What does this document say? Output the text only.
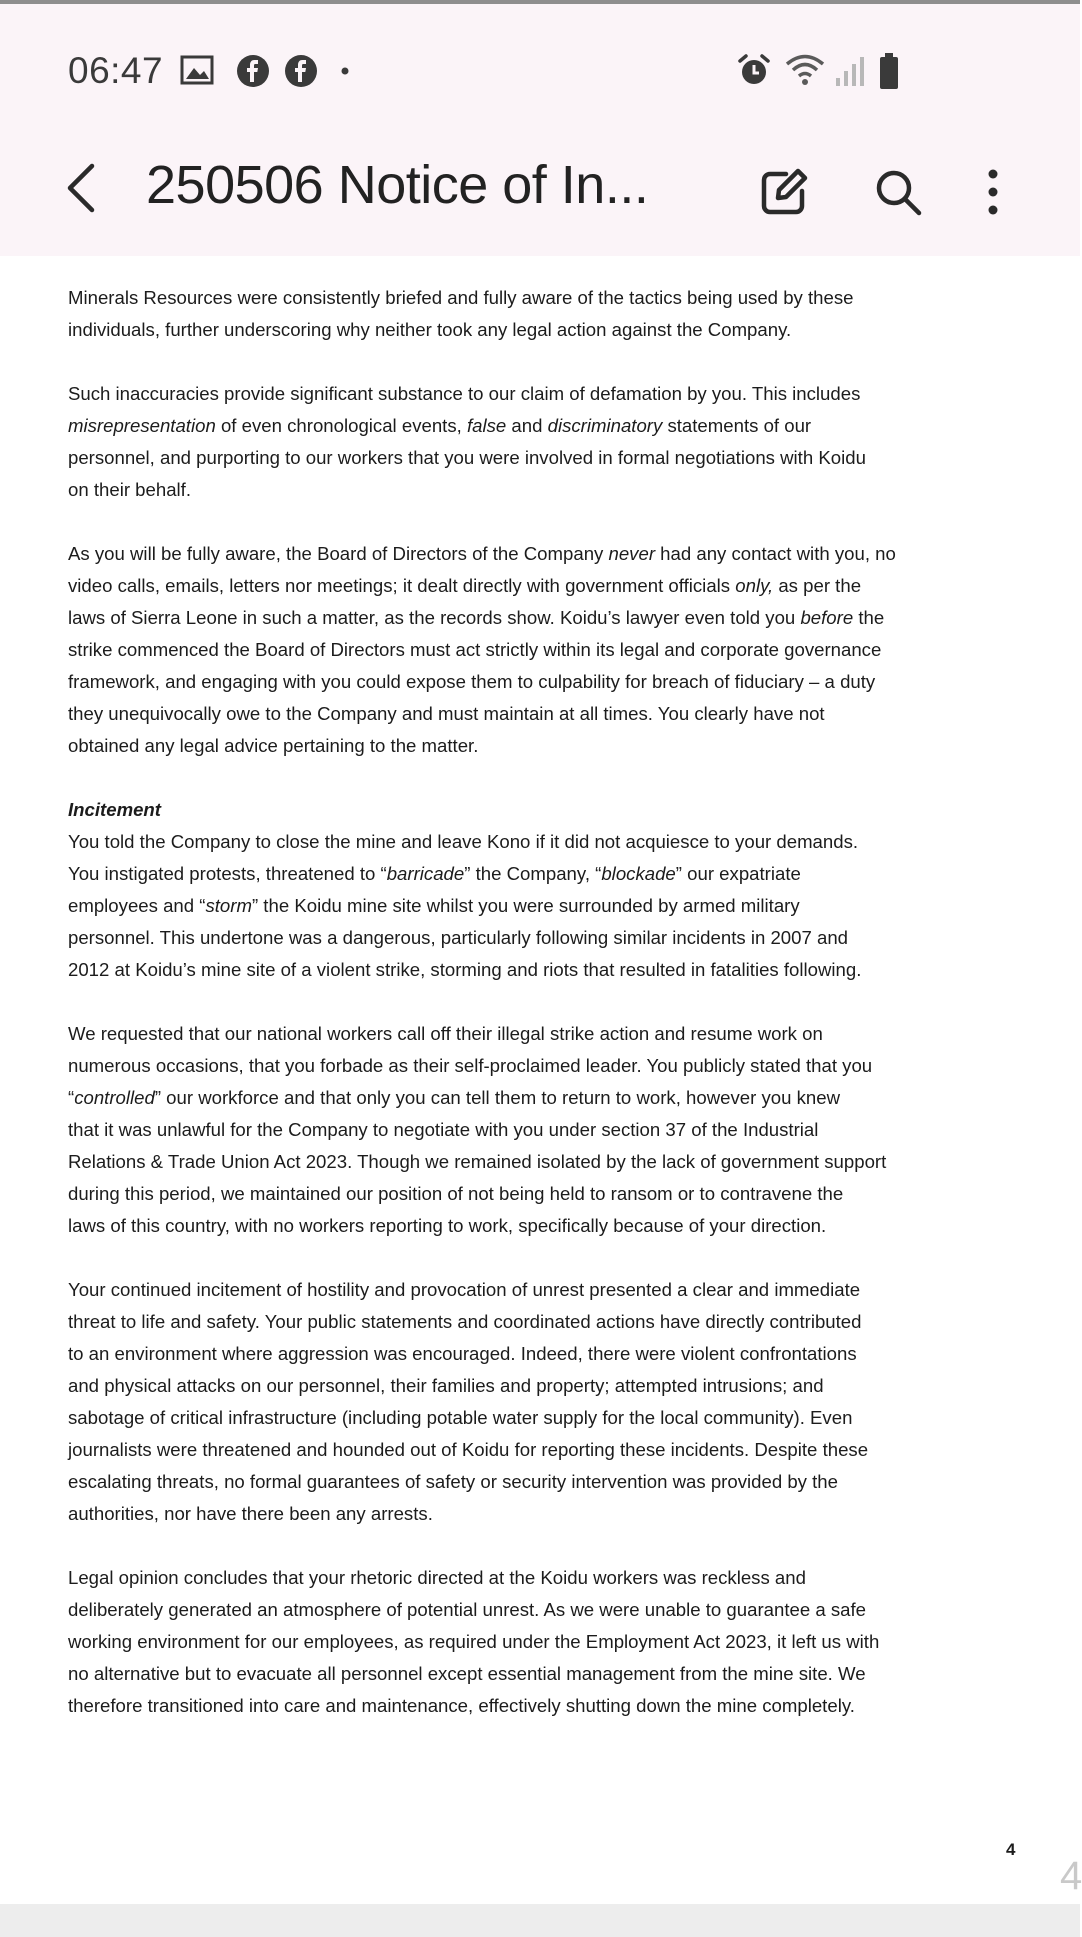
06:47
250506 Notice of In...
Minerals Resources were consistently briefed and fully aware of the tactics being used by these
individuals, further underscoring why neither took any legal action against the Company.
Such inaccuracies provide significant substance to our claim of defamation by you. This includes
misrepresentation of even chronological events, false and discriminatory statements of our
personnel, and purporting to our workers that you were involved in formal negotiations with Koidu
on their behalf.
As you will be fully aware, the Board of Directors of the Company never had any contact with you, no
video calls, emails, letters nor meetings; it dealt directly with government officials only, as per the
laws of Sierra Leone in such a matter, as the records show. Koidu’s lawyer even told you before the
strike commenced the Board of Directors must act strictly within its legal and corporate governance
framework, and engaging with you could expose them to culpability for breach of fiduciary – a duty
they unequivocally owe to the Company and must maintain at all times. You clearly have not
obtained any legal advice pertaining to the matter.
Incitement
You told the Company to close the mine and leave Kono if it did not acquiesce to your demands.
You instigated protests, threatened to “barricade” the Company, “blockade” our expatriate
employees and “storm” the Koidu mine site whilst you were surrounded by armed military
personnel. This undertone was a dangerous, particularly following similar incidents in 2007 and
2012 at Koidu’s mine site of a violent strike, storming and riots that resulted in fatalities following.
We requested that our national workers call off their illegal strike action and resume work on
numerous occasions, that you forbade as their self-proclaimed leader. You publicly stated that you
“controlled” our workforce and that only you can tell them to return to work, however you knew
that it was unlawful for the Company to negotiate with you under section 37 of the Industrial
Relations & Trade Union Act 2023. Though we remained isolated by the lack of government support
during this period, we maintained our position of not being held to ransom or to contravene the
laws of this country, with no workers reporting to work, specifically because of your direction.
Your continued incitement of hostility and provocation of unrest presented a clear and immediate
threat to life and safety. Your public statements and coordinated actions have directly contributed
to an environment where aggression was encouraged. Indeed, there were violent confrontations
and physical attacks on our personnel, their families and property; attempted intrusions; and
sabotage of critical infrastructure (including potable water supply for the local community). Even
journalists were threatened and hounded out of Koidu for reporting these incidents. Despite these
escalating threats, no formal guarantees of safety or security intervention was provided by the
authorities, nor have there been any arrests.
Legal opinion concludes that your rhetoric directed at the Koidu workers was reckless and
deliberately generated an atmosphere of potential unrest. As we were unable to guarantee a safe
working environment for our employees, as required under the Employment Act 2023, it left us with
no alternative but to evacuate all personnel except essential management from the mine site. We
therefore transitioned into care and maintenance, effectively shutting down the mine completely.
4
4
